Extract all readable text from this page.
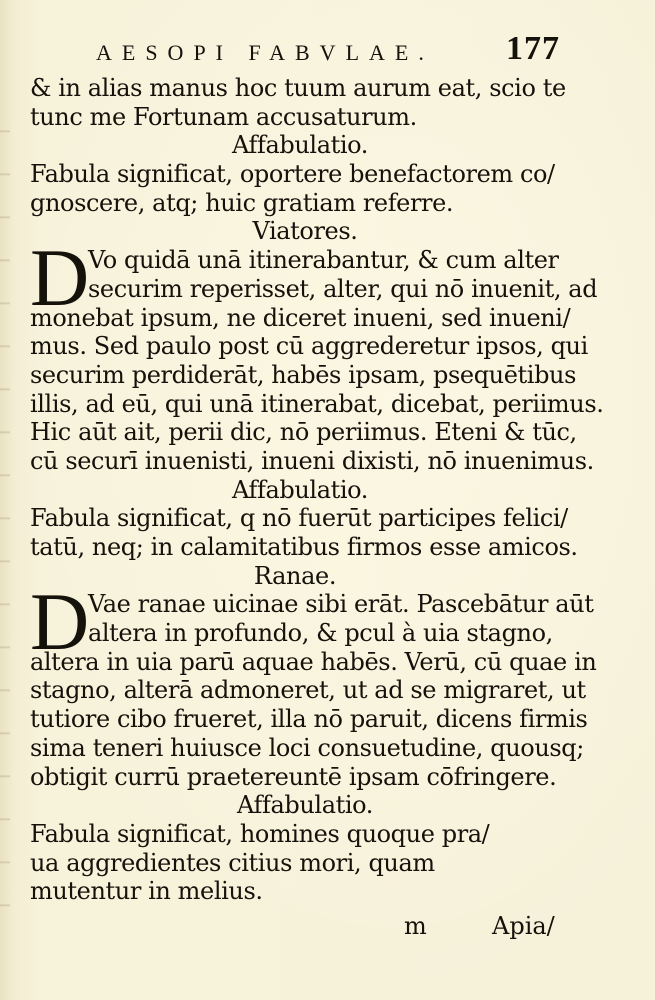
AESOPI FABVLAE. 177
& in alias manus hoc tuum aurum eat, scio te
tunc me Fortunam accusaturum.
Affabulatio.
Fabula significat, oportere benefactorem co/
gnoscere, atq; huic gratiam referre.
Viatores.
D
Vo quidā unā itinerabantur, & cum alter
securim reperisset, alter, qui nō inuenit, ad
monebat ipsum, ne diceret inueni, sed inueni/
mus. Sed paulo post cū aggrederetur ipsos, qui
securim perdiderāt, habēs ipsam, psequētibus
illis, ad eū, qui unā itinerabat, dicebat, periimus.
Hic aūt ait, perii dic, nō periimus. Eteni & tūc,
cū securī inuenisti, inueni dixisti, nō inuenimus.
Affabulatio.
Fabula significat, q nō fuerūt participes felici/
tatū, neq; in calamitatibus firmos esse amicos.
Ranae.
D
Vae ranae uicinae sibi erāt. Pascebātur aūt
altera in profundo, & pcul à uia stagno,
altera in uia parū aquae habēs. Verū, cū quae in
stagno, alterā admoneret, ut ad se migraret, ut
tutiore cibo frueret, illa nō paruit, dicens firmis
sima teneri huiusce loci consuetudine, quousq;
obtigit currū praetereuntē ipsam cōfringere.
Affabulatio.
Fabula significat, homines quoque pra/
ua aggredientes citius mori, quam
mutentur in melius.
m	Apia/
